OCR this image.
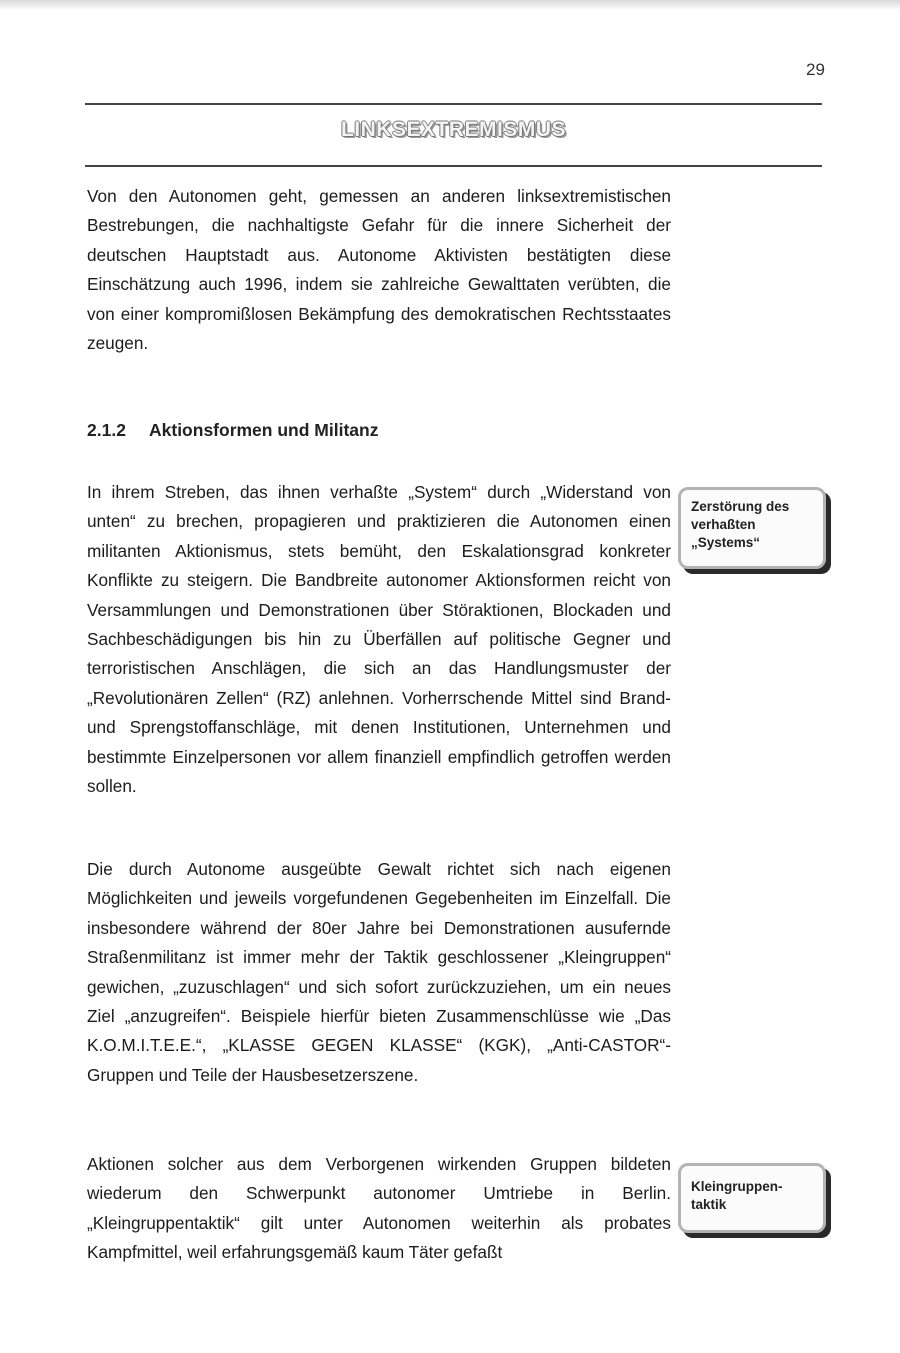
29
LINKSEXTREMISMUS

Von den Autonomen geht, gemessen an anderen linksextremistischen Bestrebungen, die nachhaltigste Gefahr für die innere Sicherheit der deutschen Hauptstadt aus. Autonome Aktivisten bestätigten diese Einschätzung auch 1996, indem sie zahlreiche Gewalttaten verübten, die von einer kompromißlosen Bekämpfung des demokratischen Rechtsstaates zeugen.

2.1.2 Aktionsformen und Militanz

In ihrem Streben, das ihnen verhaßte „System“ durch „Widerstand von unten“ zu brechen, propagieren und praktizieren die Autonomen einen militanten Aktionismus, stets bemüht, den Eskalationsgrad konkreter Konflikte zu steigern. Die Bandbreite autonomer Aktionsformen reicht von Versammlungen und Demonstrationen über Störaktionen, Blockaden und Sachbeschädigungen bis hin zu Überfällen auf politische Gegner und terroristischen Anschlägen, die sich an das Handlungsmuster der „Revolutionären Zellen“ (RZ) anlehnen. Vorherrschende Mittel sind Brand- und Sprengstoffanschläge, mit denen Institutionen, Unternehmen und bestimmte Einzelpersonen vor allem finanziell empfindlich getroffen werden sollen.

Zerstörung des verhaßten „Systems“

Die durch Autonome ausgeübte Gewalt richtet sich nach eigenen Möglichkeiten und jeweils vorgefundenen Gegebenheiten im Einzelfall. Die insbesondere während der 80er Jahre bei Demonstrationen ausufernde Straßenmilitanz ist immer mehr der Taktik geschlossener „Kleingruppen“ gewichen, „zuzuschlagen“ und sich sofort zurückzuziehen, um ein neues Ziel „anzugreifen“. Beispiele hierfür bieten Zusammenschlüsse wie „Das K.O.M.I.T.E.E.“, „KLASSE GEGEN KLASSE“ (KGK), „Anti-CASTOR“-Gruppen und Teile der Hausbesetzerszene.

Aktionen solcher aus dem Verborgenen wirkenden Gruppen bildeten wiederum den Schwerpunkt autonomer Umtriebe in Berlin. „Kleingruppentaktik“ gilt unter Autonomen weiterhin als probates Kampfmittel, weil erfahrungsgemäß kaum Täter gefaßt

Kleingruppen-taktik
